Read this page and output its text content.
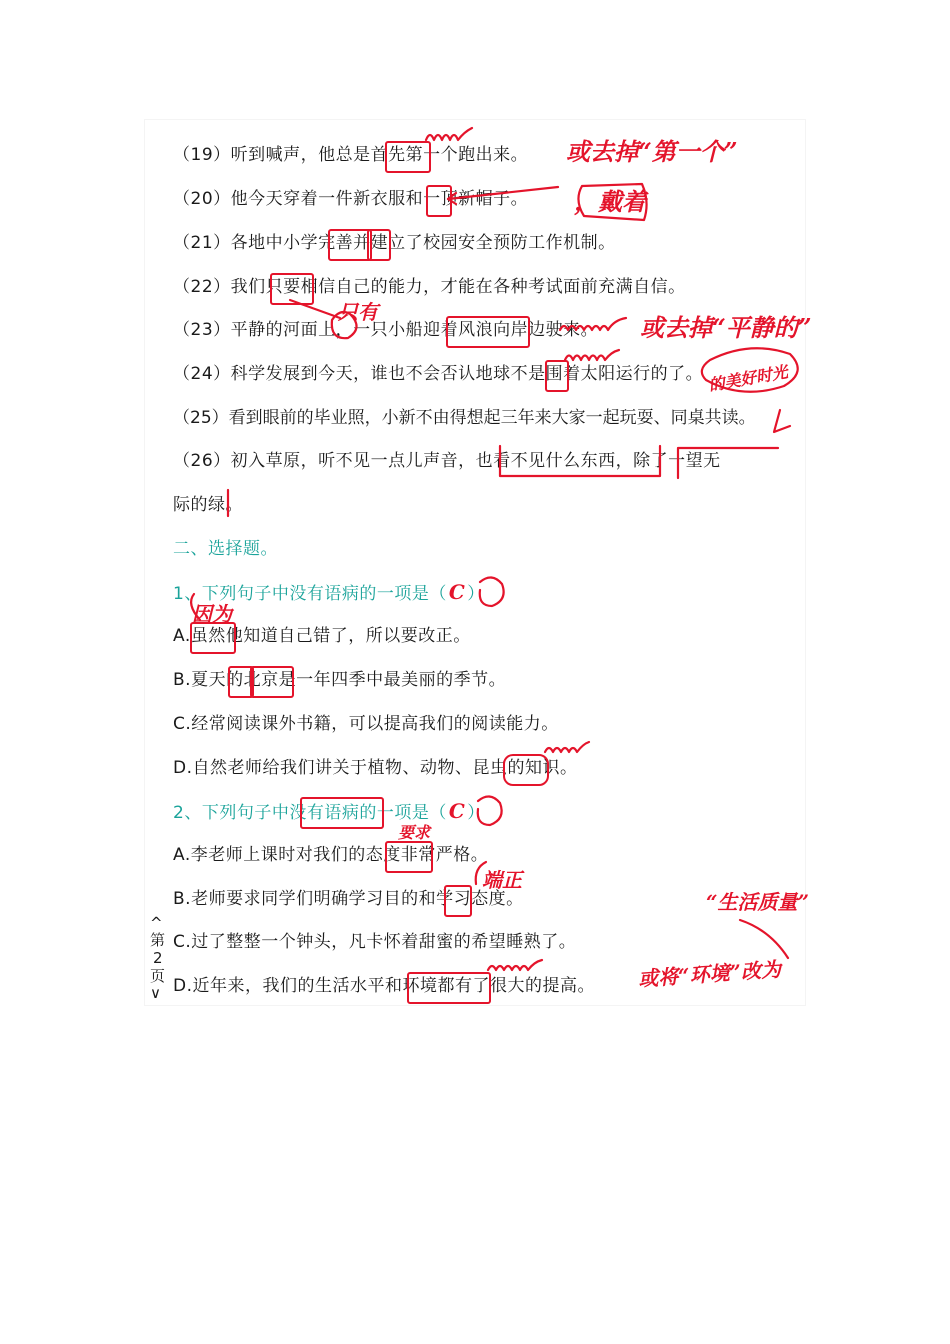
（19）听到喊声，他总是首先第一个跑出来。
（20）他今天穿着一件新衣服和一顶新帽子。
（21）各地中小学完善并建立了校园安全预防工作机制。
（22）我们只要相信自己的能力，才能在各种考试面前充满自信。
（23）平静的河面上，一只小船迎着风浪向岸边驶来。
（24）科学发展到今天，谁也不会否认地球不是围着太阳运行的了。
（25）看到眼前的毕业照，小新不由得想起三年来大家一起玩耍、同桌共读。
（26）初入草原，听不见一点儿声音，也看不见什么东西，除了一望无
际的绿。
二、选择题。
1、下列句子中没有语病的一项是（ C ）
A.虽然他知道自己错了，所以要改正。
B.夏天的北京是一年四季中最美丽的季节。
C.经常阅读课外书籍，可以提高我们的阅读能力。
D.自然老师给我们讲关于植物、动物、昆虫的知识。
2、下列句子中没有语病的一项是（ C ）
A.李老师上课时对我们的态度非常严格。
B.老师要求同学们明确学习目的和学习态度。
C.过了整整一个钟头，凡卡怀着甜蜜的希望睡熟了。
D.近年来，我们的生活水平和环境都有了很大的提高。
^
第
2
页
∨
或去掉“第一个”
，戴着
只有
或去掉“平静的”
的美好时光
因为
要求
端正
“生活质量”
或将“环境”改为
